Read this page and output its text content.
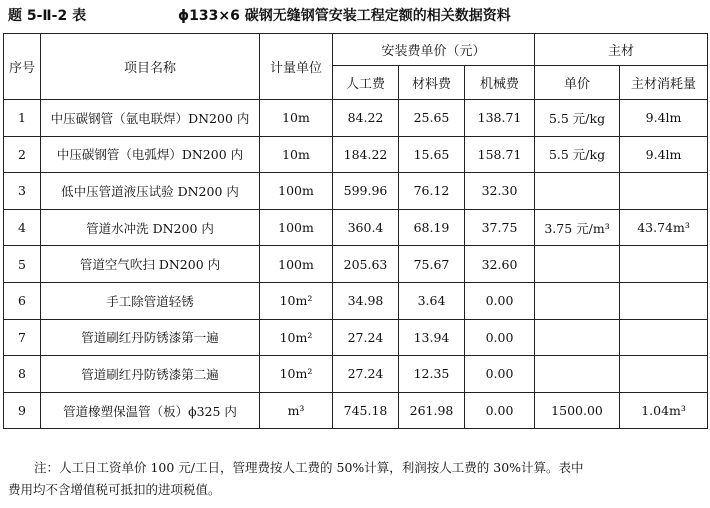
题 5-Ⅱ-2 表	ϕ133×6 碳钢无缝钢管安装工程定额的相关数据资料
序号	项目名称	计量单位	安装费单价（元）			主材	
			人工费	材料费	机械费	单价	主材消耗量
1	中压碳钢管（氩电联焊）DN200 内	10m	84.22	25.65	138.71	5.5 元/kg	9.4lm
2	中压碳钢管（电弧焊）DN200 内	10m	184.22	15.65	158.71	5.5 元/kg	9.4lm
3	低中压管道液压试验 DN200 内	100m	599.96	76.12	32.30		
4	管道水冲洗 DN200 内	100m	360.4	68.19	37.75	3.75 元/m³	43.74m³
5	管道空气吹扫 DN200 内	100m	205.63	75.67	32.60		
6	手工除管道轻锈	10m²	34.98	3.64	0.00		
7	管道刷红丹防锈漆第一遍	10m²	27.24	13.94	0.00		
8	管道刷红丹防锈漆第二遍	10m²	27.24	12.35	0.00		
9	管道橡塑保温管（板）ϕ325 内	m³	745.18	261.98	0.00	1500.00	1.04m³

注：人工日工资单价 100 元/工日，管理费按人工费的 50%计算，利润按人工费的 30%计算。表中

费用均不含增值税可抵扣的进项税值。
